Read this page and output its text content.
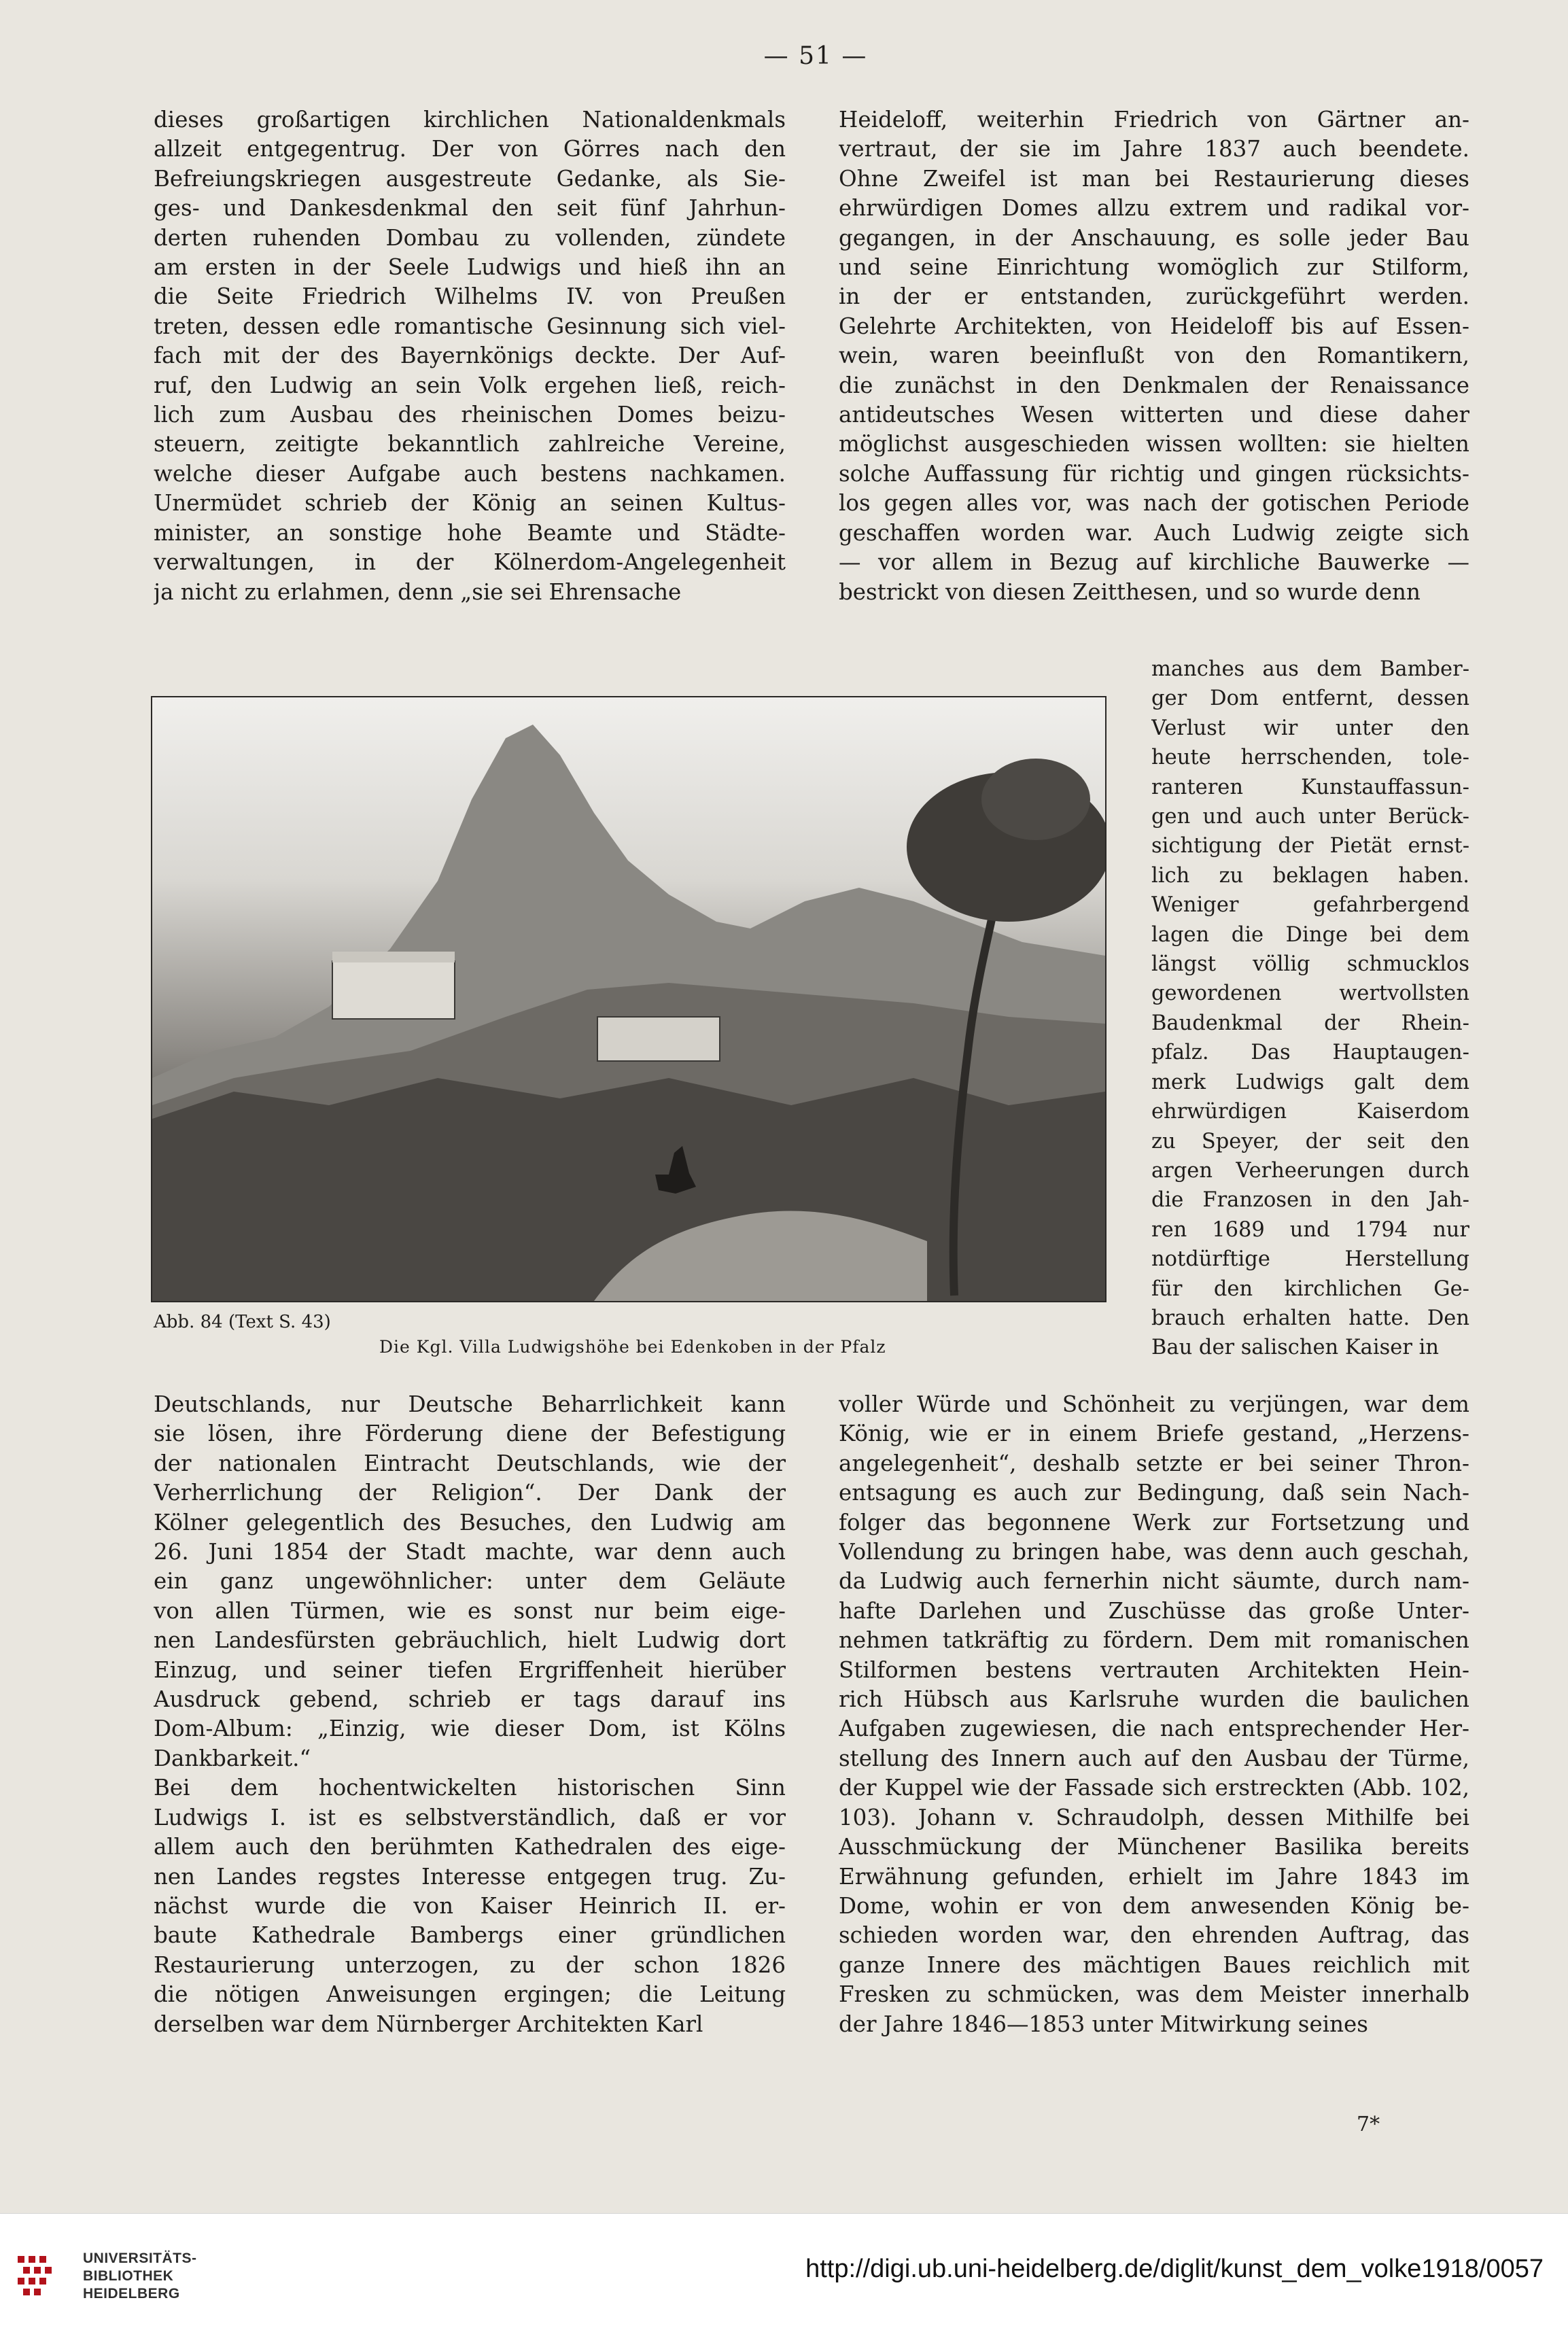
— 51 —
dieses großartigen kirchlichen Nationaldenkmals
allzeit entgegentrug. Der von Görres nach den
Befreiungskriegen ausgestreute Gedanke, als Sie-
ges- und Dankesdenkmal den seit fünf Jahrhun-
derten ruhenden Dombau zu vollenden, zündete
am ersten in der Seele Ludwigs und hieß ihn an
die Seite Friedrich Wilhelms IV. von Preußen
treten, dessen edle romantische Gesinnung sich viel-
fach mit der des Bayernkönigs deckte. Der Auf-
ruf, den Ludwig an sein Volk ergehen ließ, reich-
lich zum Ausbau des rheinischen Domes beizu-
steuern, zeitigte bekanntlich zahlreiche Vereine,
welche dieser Aufgabe auch bestens nachkamen.
Unermüdet schrieb der König an seinen Kultus-
minister, an sonstige hohe Beamte und Städte-
verwaltungen, in der Kölnerdom-Angelegenheit
ja nicht zu erlahmen, denn „sie sei Ehrensache
Heideloff, weiterhin Friedrich von Gärtner an-
vertraut, der sie im Jahre 1837 auch beendete.
Ohne Zweifel ist man bei Restaurierung dieses
ehrwürdigen Domes allzu extrem und radikal vor-
gegangen, in der Anschauung, es solle jeder Bau
und seine Einrichtung womöglich zur Stilform,
in der er entstanden, zurückgeführt werden.
Gelehrte Architekten, von Heideloff bis auf Essen-
wein, waren beeinflußt von den Romantikern,
die zunächst in den Denkmalen der Renaissance
antideutsches Wesen witterten und diese daher
möglichst ausgeschieden wissen wollten: sie hielten
solche Auffassung für richtig und gingen rücksichts-
los gegen alles vor, was nach der gotischen Periode
geschaffen worden war. Auch Ludwig zeigte sich
— vor allem in Bezug auf kirchliche Bauwerke —
bestrickt von diesen Zeitthesen, und so wurde denn
Abb. 84 (Text S. 43)
Die Kgl. Villa Ludwigshöhe bei Edenkoben in der Pfalz
manches aus dem Bamber-
ger Dom entfernt, dessen
Verlust wir unter den
heute herrschenden, tole-
ranteren Kunstauffassun-
gen und auch unter Berück-
sichtigung der Pietät ernst-
lich zu beklagen haben.
Weniger gefahrbergend
lagen die Dinge bei dem
längst völlig schmucklos
gewordenen wertvollsten
Baudenkmal der Rhein-
pfalz. Das Hauptaugen-
merk Ludwigs galt dem
ehrwürdigen Kaiserdom
zu Speyer, der seit den
argen Verheerungen durch
die Franzosen in den Jah-
ren 1689 und 1794 nur
notdürftige Herstellung
für den kirchlichen Ge-
brauch erhalten hatte. Den
Bau der salischen Kaiser in
Deutschlands, nur Deutsche Beharrlichkeit kann
sie lösen, ihre Förderung diene der Befestigung
der nationalen Eintracht Deutschlands, wie der
Verherrlichung der Religion“. Der Dank der
Kölner gelegentlich des Besuches, den Ludwig am
26. Juni 1854 der Stadt machte, war denn auch
ein ganz ungewöhnlicher: unter dem Geläute
von allen Türmen, wie es sonst nur beim eige-
nen Landesfürsten gebräuchlich, hielt Ludwig dort
Einzug, und seiner tiefen Ergriffenheit hierüber
Ausdruck gebend, schrieb er tags darauf ins
Dom-Album: „Einzig, wie dieser Dom, ist Kölns
Dankbarkeit.“
Bei dem hochentwickelten historischen Sinn
Ludwigs I. ist es selbstverständlich, daß er vor
allem auch den berühmten Kathedralen des eige-
nen Landes regstes Interesse entgegen trug. Zu-
nächst wurde die von Kaiser Heinrich II. er-
baute Kathedrale Bambergs einer gründlichen
Restaurierung unterzogen, zu der schon 1826
die nötigen Anweisungen ergingen; die Leitung
derselben war dem Nürnberger Architekten Karl
voller Würde und Schönheit zu verjüngen, war dem
König, wie er in einem Briefe gestand, „Herzens-
angelegenheit“, deshalb setzte er bei seiner Thron-
entsagung es auch zur Bedingung, daß sein Nach-
folger das begonnene Werk zur Fortsetzung und
Vollendung zu bringen habe, was denn auch geschah,
da Ludwig auch fernerhin nicht säumte, durch nam-
hafte Darlehen und Zuschüsse das große Unter-
nehmen tatkräftig zu fördern. Dem mit romanischen
Stilformen bestens vertrauten Architekten Hein-
rich Hübsch aus Karlsruhe wurden die baulichen
Aufgaben zugewiesen, die nach entsprechender Her-
stellung des Innern auch auf den Ausbau der Türme,
der Kuppel wie der Fassade sich erstreckten (Abb. 102,
103). Johann v. Schraudolph, dessen Mithilfe bei
Ausschmückung der Münchener Basilika bereits
Erwähnung gefunden, erhielt im Jahre 1843 im
Dome, wohin er von dem anwesenden König be-
schieden worden war, den ehrenden Auftrag, das
ganze Innere des mächtigen Baues reichlich mit
Fresken zu schmücken, was dem Meister innerhalb
der Jahre 1846—1853 unter Mitwirkung seines
7*
UNIVERSITÄTS-
BIBLIOTHEK
HEIDELBERG
http://digi.ub.uni-heidelberg.de/diglit/kunst_dem_volke1918/0057
